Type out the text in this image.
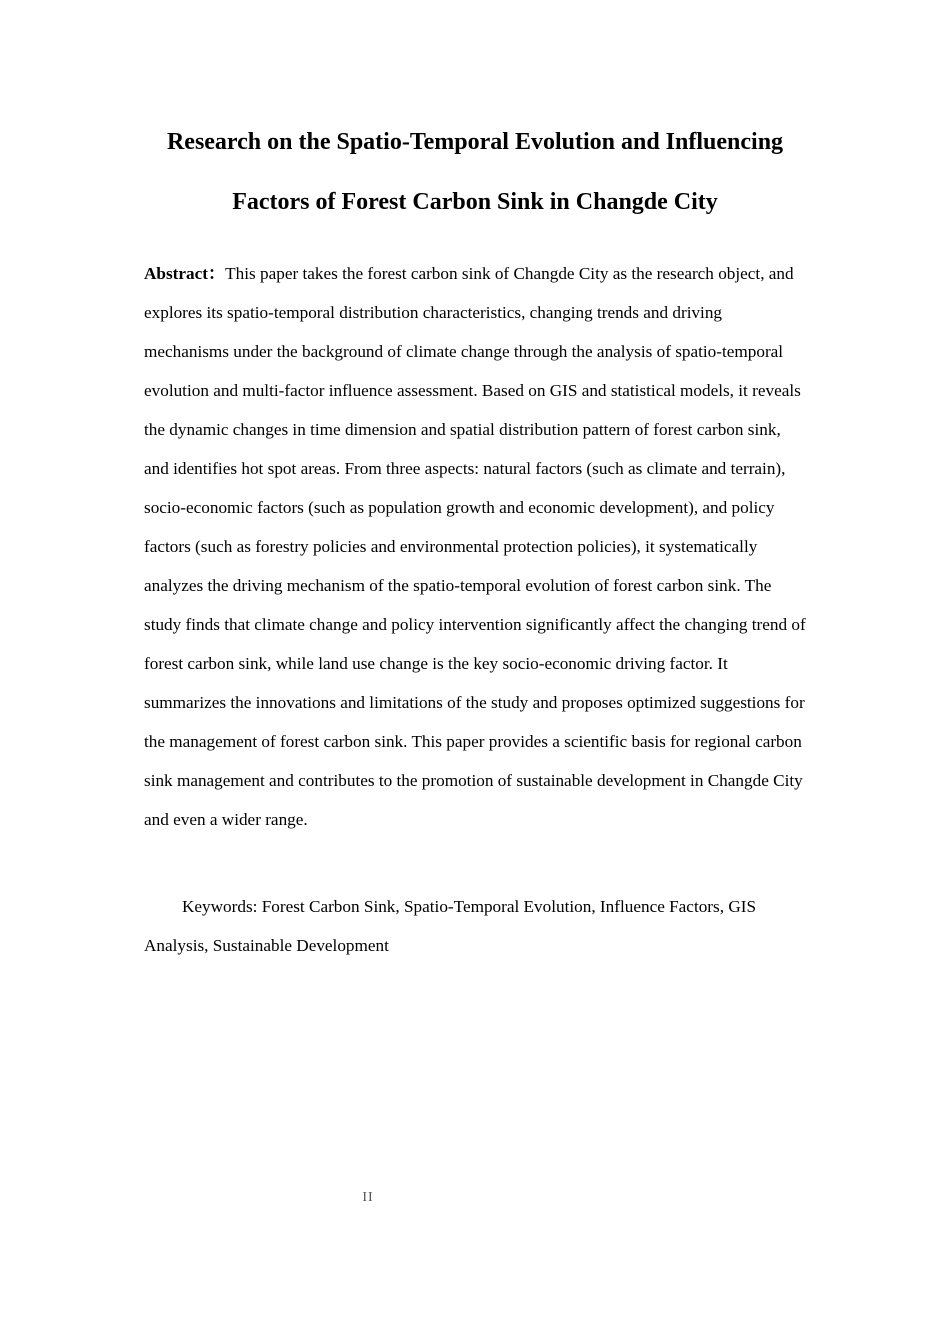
Research on the Spatio-Temporal Evolution and Influencing
Factors of Forest Carbon Sink in Changde City

Abstract：This paper takes the forest carbon sink of Changde City as the research object, and explores its spatio-temporal distribution characteristics, changing trends and driving mechanisms under the background of climate change through the analysis of spatio-temporal evolution and multi-factor influence assessment. Based on GIS and statistical models, it reveals the dynamic changes in time dimension and spatial distribution pattern of forest carbon sink, and identifies hot spot areas. From three aspects: natural factors (such as climate and terrain), socio-economic factors (such as population growth and economic development), and policy factors (such as forestry policies and environmental protection policies), it systematically analyzes the driving mechanism of the spatio-temporal evolution of forest carbon sink. The study finds that climate change and policy intervention significantly affect the changing trend of forest carbon sink, while land use change is the key socio-economic driving factor. It summarizes the innovations and limitations of the study and proposes optimized suggestions for the management of forest carbon sink. This paper provides a scientific basis for regional carbon sink management and contributes to the promotion of sustainable development in Changde City and even a wider range.

Keywords: Forest Carbon Sink, Spatio-Temporal Evolution, Influence Factors, GIS Analysis, Sustainable Development

II
